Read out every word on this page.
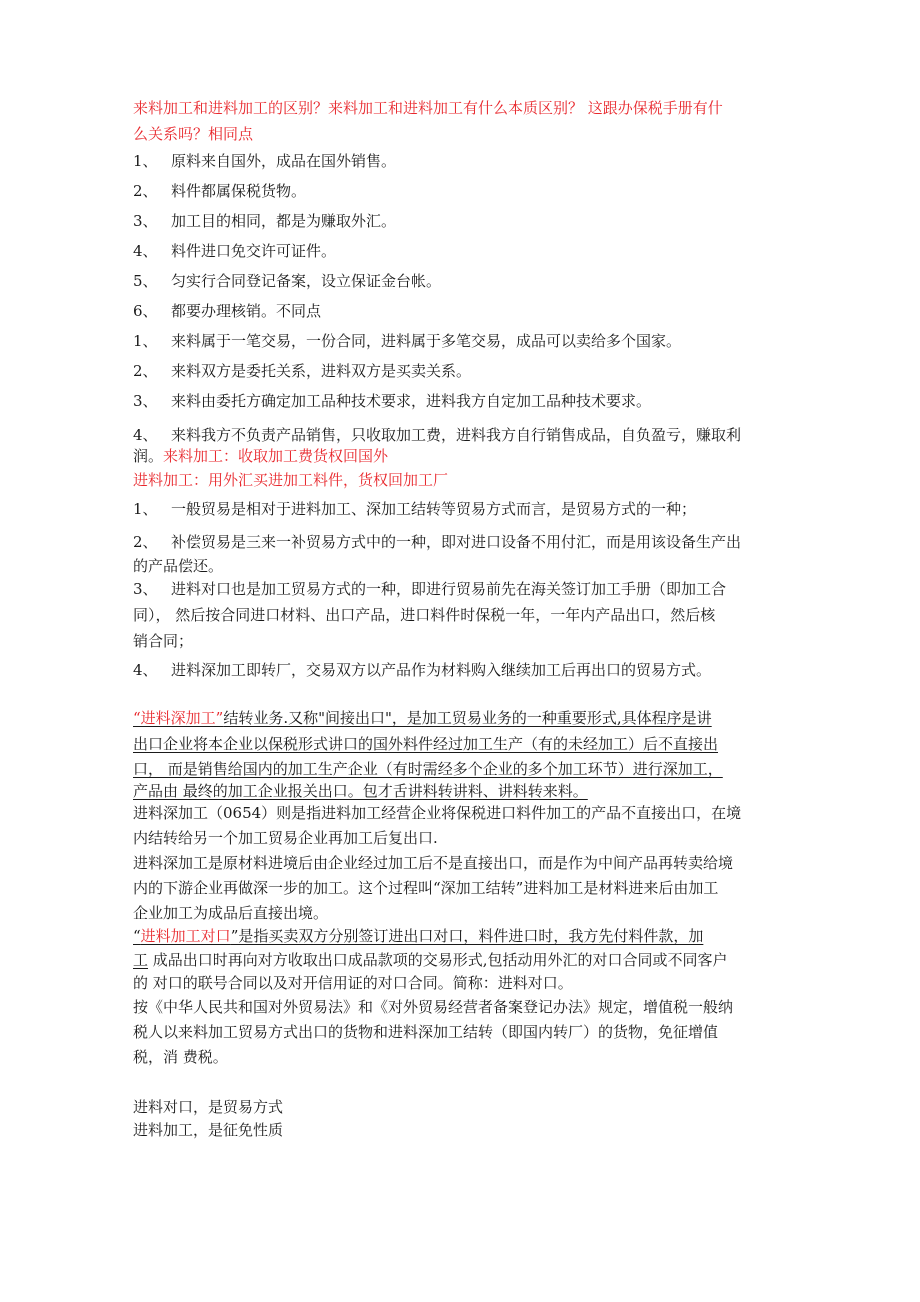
来料加工和进料加工的区别？来料加工和进料加工有什么本质区别？ 这跟办保税手册有什
么关系吗？相同点
1、 原料来自国外，成品在国外销售。
2、 料件都属保税货物。
3、 加工目的相同，都是为赚取外汇。
4、 料件进口免交许可证件。
5、 匀实行合同登记备案，设立保证金台帐。
6、 都要办理核销。不同点
1、 来料属于一笔交易，一份合同，进料属于多笔交易，成品可以卖给多个国家。
2、 来料双方是委托关系，进料双方是买卖关系。
3、 来料由委托方确定加工品种技术要求，进料我方自定加工品种技术要求。
4、 来料我方不负责产品销售，只收取加工费，进料我方自行销售成品，自负盈亏，赚取利
润。来料加工：收取加工费货权回国外
进料加工：用外汇买进加工料件，货权回加工厂
1、 一般贸易是相对于进料加工、深加工结转等贸易方式而言，是贸易方式的一种；
2、 补偿贸易是三来一补贸易方式中的一种，即对进口设备不用付汇，而是用该设备生产出
的产品偿还。
3、 进料对口也是加工贸易方式的一种，即进行贸易前先在海关签订加工手册（即加工合
同）， 然后按合同进口材料、出口产品，进口料件时保税一年，一年内产品出口，然后核
销合同；
4、 进料深加工即转厂，交易双方以产品作为材料购入继续加工后再出口的贸易方式。
“进料深加工”结转业务.又称"间接出口"，是加工贸易业务的一种重要形式,具体程序是讲
出口企业将本企业以保税形式讲口的国外料件经过加工生产（有的未经加工）后不直接出
口， 而是销售给国内的加工生产企业（有时需经多个企业的多个加工环节）进行深加工，
产品由 最终的加工企业报关出口。包才舌讲料转讲料、讲料转来料。
进料深加工（0654）则是指进料加工经营企业将保税进口料件加工的产品不直接出口，在境
内结转给另一个加工贸易企业再加工后复出口.
进料深加工是原材料进境后由企业经过加工后不是直接出口，而是作为中间产品再转卖给境
内的下游企业再做深一步的加工。这个过程叫“深加工结转”进料加工是材料进来后由加工
企业加工为成品后直接出境。
“进料加工对口”是指买卖双方分别签订进出口对口，料件进口时，我方先付料件款，加
工 成品出口时再向对方收取出口成品款项的交易形式,包括动用外汇的对口合同或不同客户
的 对口的联号合同以及对开信用证的对口合同。简称：进料对口。
按《中华人民共和国对外贸易法》和《对外贸易经营者备案登记办法》规定，增值税一般纳
税人以来料加工贸易方式出口的货物和进料深加工结转（即国内转厂）的货物，免征增值
税，消 费税。
进料对口，是贸易方式
进料加工，是征免性质
